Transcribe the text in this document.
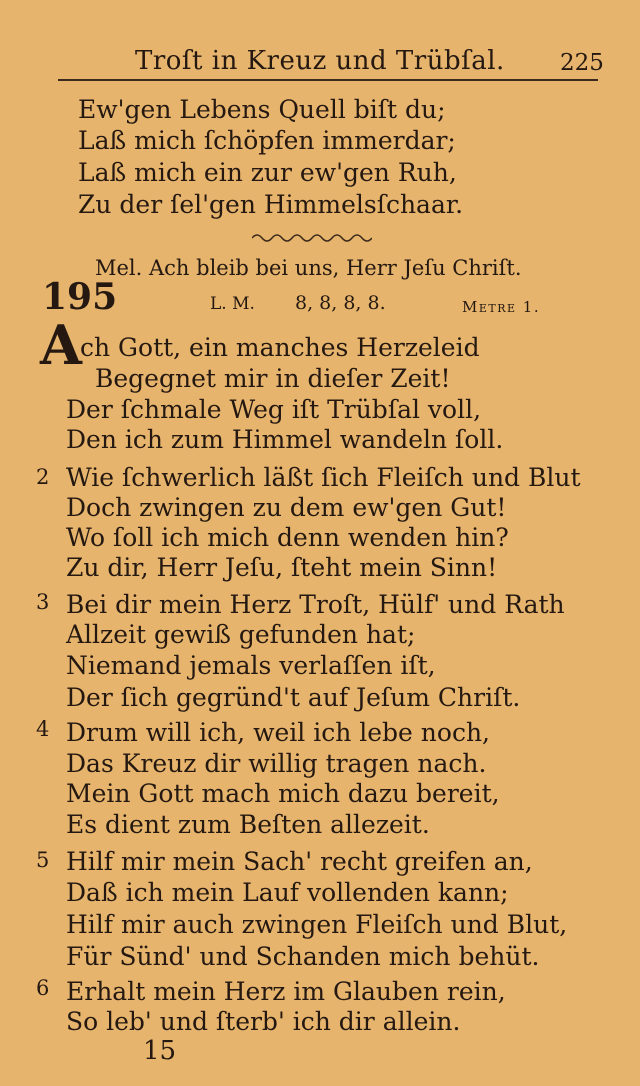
Troſt in Kreuz und Trübſal. 225
Ew'gen Lebens Quell biſt du;
Laß mich ſchöpfen immerdar;
Laß mich ein zur ew'gen Ruh,
Zu der ſel'gen Himmelsſchaar.
Mel. Ach bleib bei uns, Herr Jeſu Chriſt.
195	L. M. 8, 8, 8, 8.	Metre 1.
A
ch Gott, ein manches Herzeleid
Begegnet mir in dieſer Zeit!
Der ſchmale Weg iſt Trübſal voll,
Den ich zum Himmel wandeln ſoll.
2 Wie ſchwerlich läßt ſich Fleiſch und Blut
Doch zwingen zu dem ew'gen Gut!
Wo ſoll ich mich denn wenden hin?
Zu dir, Herr Jeſu, ſteht mein Sinn!
3 Bei dir mein Herz Troſt, Hülf' und Rath
Allzeit gewiß gefunden hat;
Niemand jemals verlaſſen iſt,
Der ſich gegründ't auf Jeſum Chriſt.
4 Drum will ich, weil ich lebe noch,
Das Kreuz dir willig tragen nach.
Mein Gott mach mich dazu bereit,
Es dient zum Beſten allezeit.
5 Hilf mir mein Sach' recht greifen an,
Daß ich mein Lauf vollenden kann;
Hilf mir auch zwingen Fleiſch und Blut,
Für Sünd' und Schanden mich behüt.
6 Erhalt mein Herz im Glauben rein,
So leb' und ſterb' ich dir allein.
15
